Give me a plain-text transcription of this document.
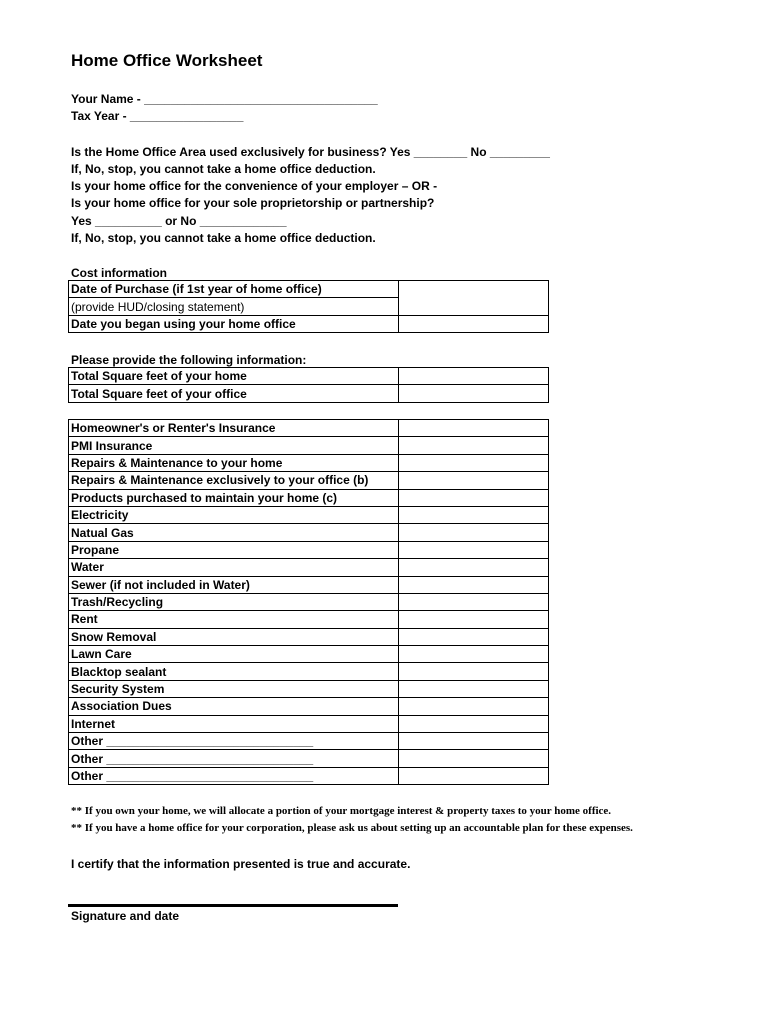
Home Office Worksheet
Your Name - ___________________________________
Tax Year - _________________
Is the Home Office Area used exclusively for business? Yes ________ No _________
If, No, stop, you cannot take a home office deduction.
Is your home office for the convenience of your employer – OR -
Is your home office for your sole proprietorship or partnership?
Yes __________ or No _____________
If, No, stop, you cannot take a home office deduction.
Cost information
Date of Purchase (if 1st year of home office)	
(provide HUD/closing statement)	
Date you began using your home office	
Please provide the following information:
Total Square feet of your home	
Total Square feet of your office	
Homeowner's or Renter's Insurance	
PMI Insurance	
Repairs & Maintenance to your home	
Repairs & Maintenance exclusively to your office (b)	
Products purchased to maintain your home (c)	
Electricity	
Natual Gas	
Propane	
Water	
Sewer (if not included in Water)	
Trash/Recycling	
Rent	
Snow Removal	
Lawn Care	
Blacktop sealant	
Security System	
Association Dues	
Internet	
Other _______________________________	
Other _______________________________	
Other _______________________________	
** If you own your home, we will allocate a portion of your mortgage interest & property taxes to your home office.
** If you have a home office for your corporation, please ask us about setting up an accountable plan for these expenses.
I certify that the information presented is true and accurate.
Signature and date
